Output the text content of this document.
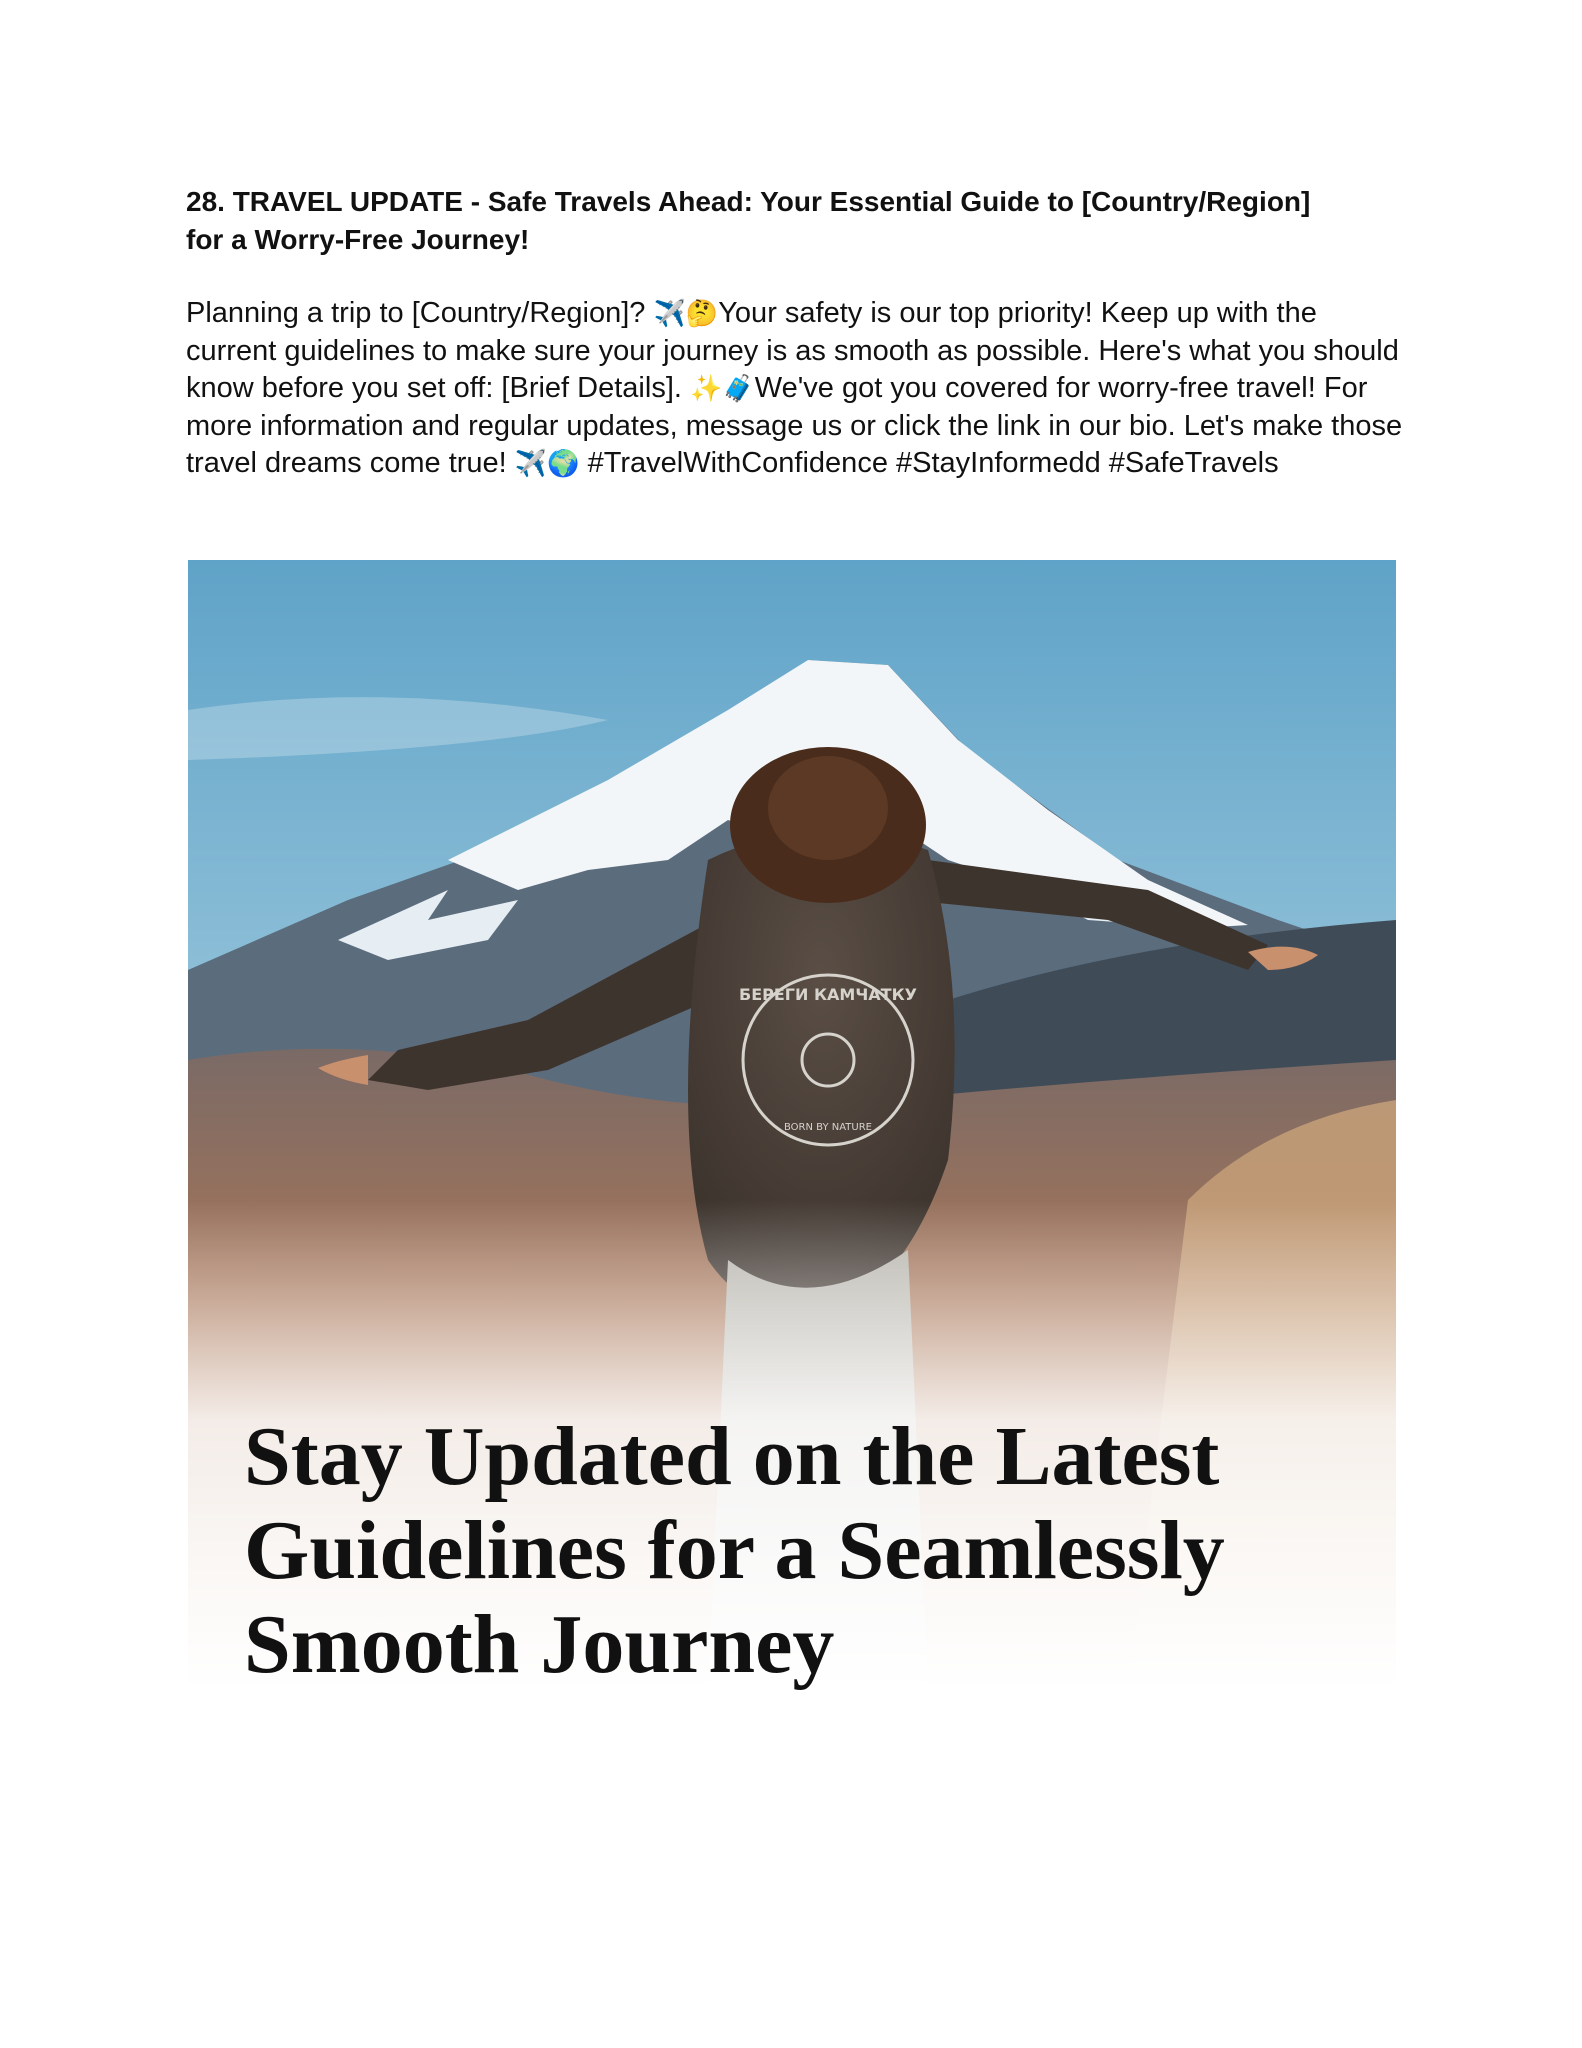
28. TRAVEL UPDATE - Safe Travels Ahead: Your Essential Guide to [Country/Region]
for a Worry-Free Journey!

Planning a trip to [Country/Region]? ✈️🤔Your safety is our top priority! Keep up with the current guidelines to make sure your journey is as smooth as possible. Here's what you should know before you set off: [Brief Details]. ✨🧳We've got you covered for worry-free travel! For more information and regular updates, message us or click the link in our bio. Let's make those travel dreams come true! ✈️🌍 #TravelWithConfidence #StayInformedd #SafeTravels

БЕРЕГИ КАМЧАТКУ
BORN BY NATURE
Stay Updated on the Latest
Guidelines for a Seamlessly
Smooth Journey
